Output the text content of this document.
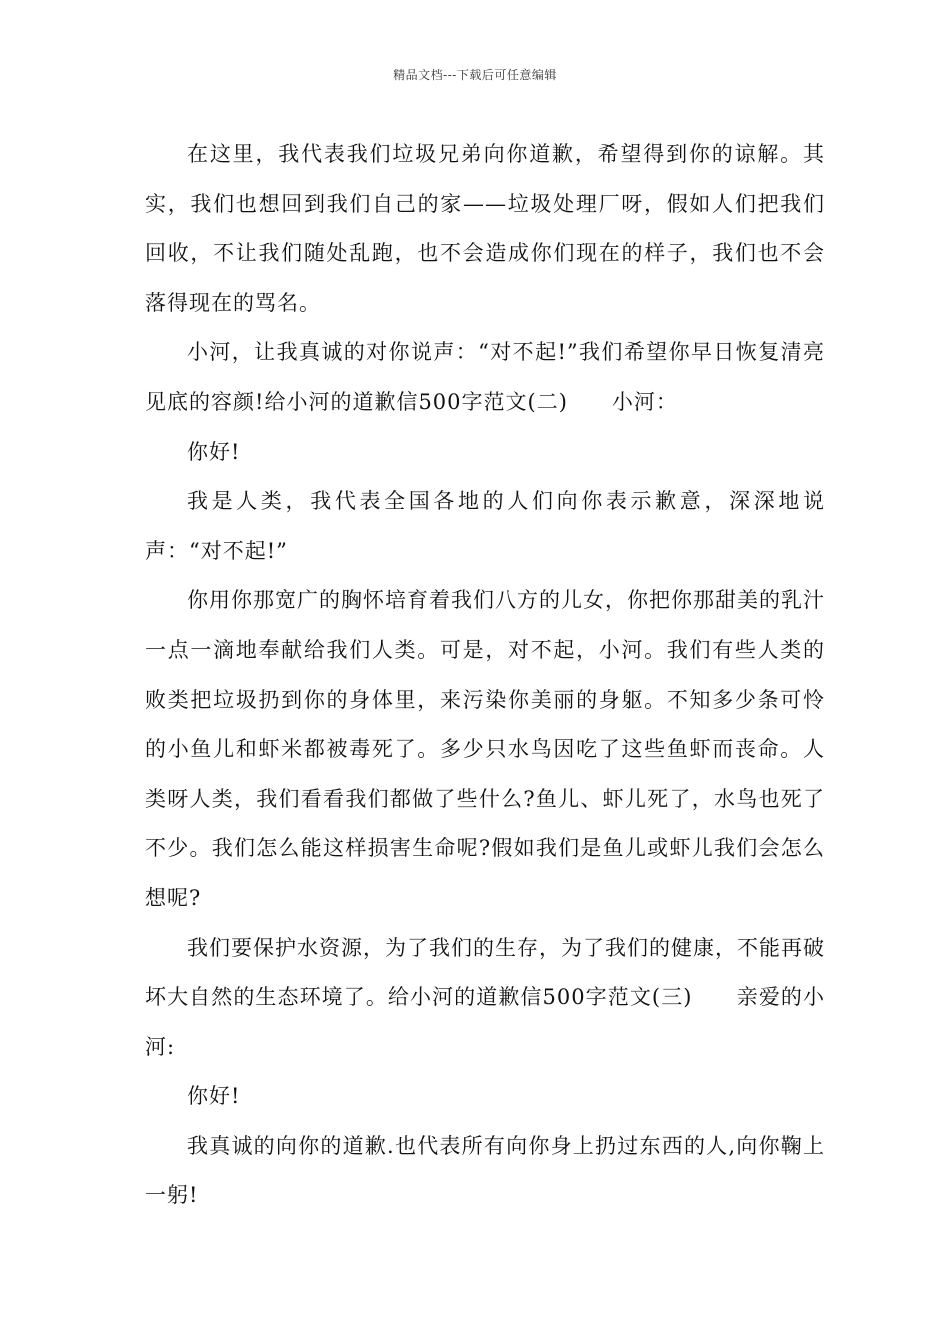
精品文档---下载后可任意编辑

在这里，我代表我们垃圾兄弟向你道歉，希望得到你的谅解。其实，我们也想回到我们自己的家——垃圾处理厂呀，假如人们把我们回收，不让我们随处乱跑，也不会造成你们现在的样子，我们也不会落得现在的骂名。

小河，让我真诚的对你说声：“对不起!”我们希望你早日恢复清亮见底的容颜!给小河的道歉信500字范文(二)　　小河：

你好!

我是人类，我代表全国各地的人们向你表示歉意，深深地说声：“对不起!”

你用你那宽广的胸怀培育着我们八方的儿女，你把你那甜美的乳汁一点一滴地奉献给我们人类。可是，对不起，小河。我们有些人类的败类把垃圾扔到你的身体里，来污染你美丽的身躯。不知多少条可怜的小鱼儿和虾米都被毒死了。多少只水鸟因吃了这些鱼虾而丧命。人类呀人类，我们看看我们都做了些什么?鱼儿、虾儿死了，水鸟也死了不少。我们怎么能这样损害生命呢?假如我们是鱼儿或虾儿我们会怎么想呢?

我们要保护水资源，为了我们的生存，为了我们的健康，不能再破坏大自然的生态环境了。给小河的道歉信500字范文(三)　　亲爱的小河:

你好!

我真诚的向你的道歉.也代表所有向你身上扔过东西的人,向你鞠上一躬!
